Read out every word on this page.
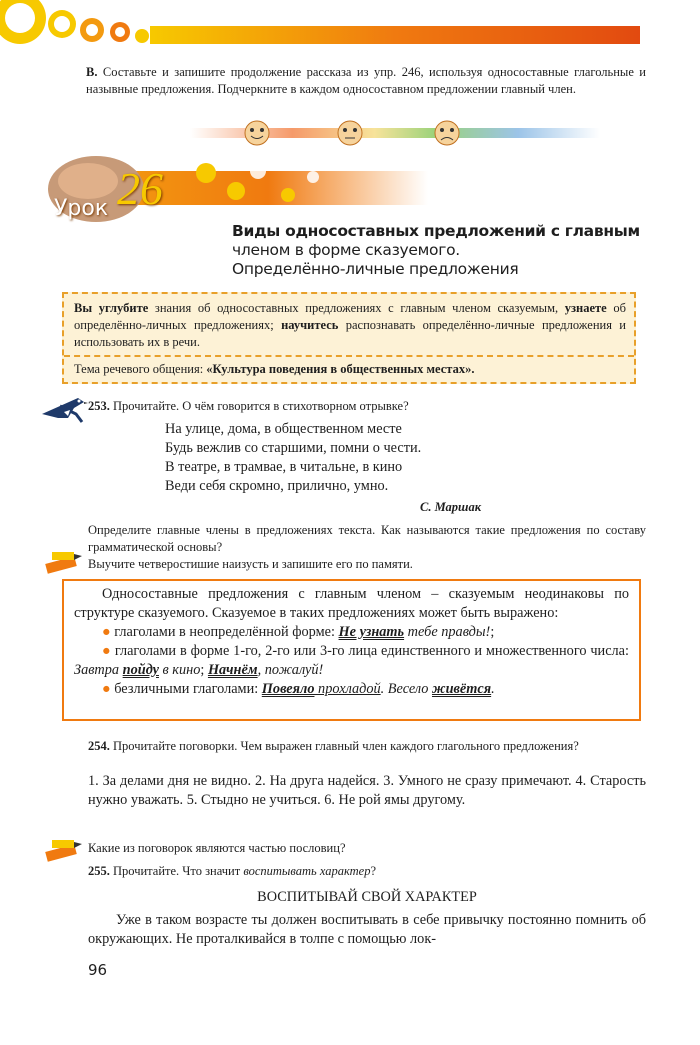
В. Составьте и запишите продолжение рассказа из упр. 246, используя односоставные глагольные и назывные предложения. Подчеркните в каждом односоставном предложении главный член.
Урок 26
Виды односоставных предложений с главным
членом в форме сказуемого.
Определённо-личные предложения
Вы углубите знания об односоставных предложениях с главным членом сказуемым, узнаете об определённо-личных предложениях; научитесь распознавать определённо-личные предложения и использовать их в речи.
Тема речевого общения: «Культура поведения в общественных местах».
253. Прочитайте. О чём говорится в стихотворном отрывке?
На улице, дома, в общественном месте
Будь вежлив со старшими, помни о чести.
В театре, в трамвае, в читальне, в кино
Веди себя скромно, прилично, умно.
С. Маршак
Определите главные члены в предложениях текста. Как называются такие предложения по составу грамматической основы?
Выучите четверостишие наизусть и запишите его по памяти.

Односоставные предложения с главным членом – сказуемым неодинаковы по структуре сказуемого. Сказуемое в таких предложениях может быть выражено:

● глаголами в неопределённой форме: Не узнать тебе правды!;

● глаголами в форме 1-го, 2-го или 3-го лица единственного и множественного числа: Завтра пойду в кино; Начнём, пожалуй!

● безличными глаголами: Повеяло прохладой. Весело живётся.

254. Прочитайте поговорки. Чем выражен главный член каждого глагольного предложения?
1. За делами дня не видно. 2. На друга надейся. 3. Умного не сразу примечают. 4. Старость нужно уважать. 5. Стыдно не учиться. 6. Не рой ямы другому.
Какие из поговорок являются частью пословиц?
255. Прочитайте. Что значит воспитывать характер?
ВОСПИТЫВАЙ СВОЙ ХАРАКТЕР
Уже в таком возрасте ты должен воспитывать в себе привычку постоянно помнить об окружающих. Не проталкивайся в толпе с помощью лок-
96
